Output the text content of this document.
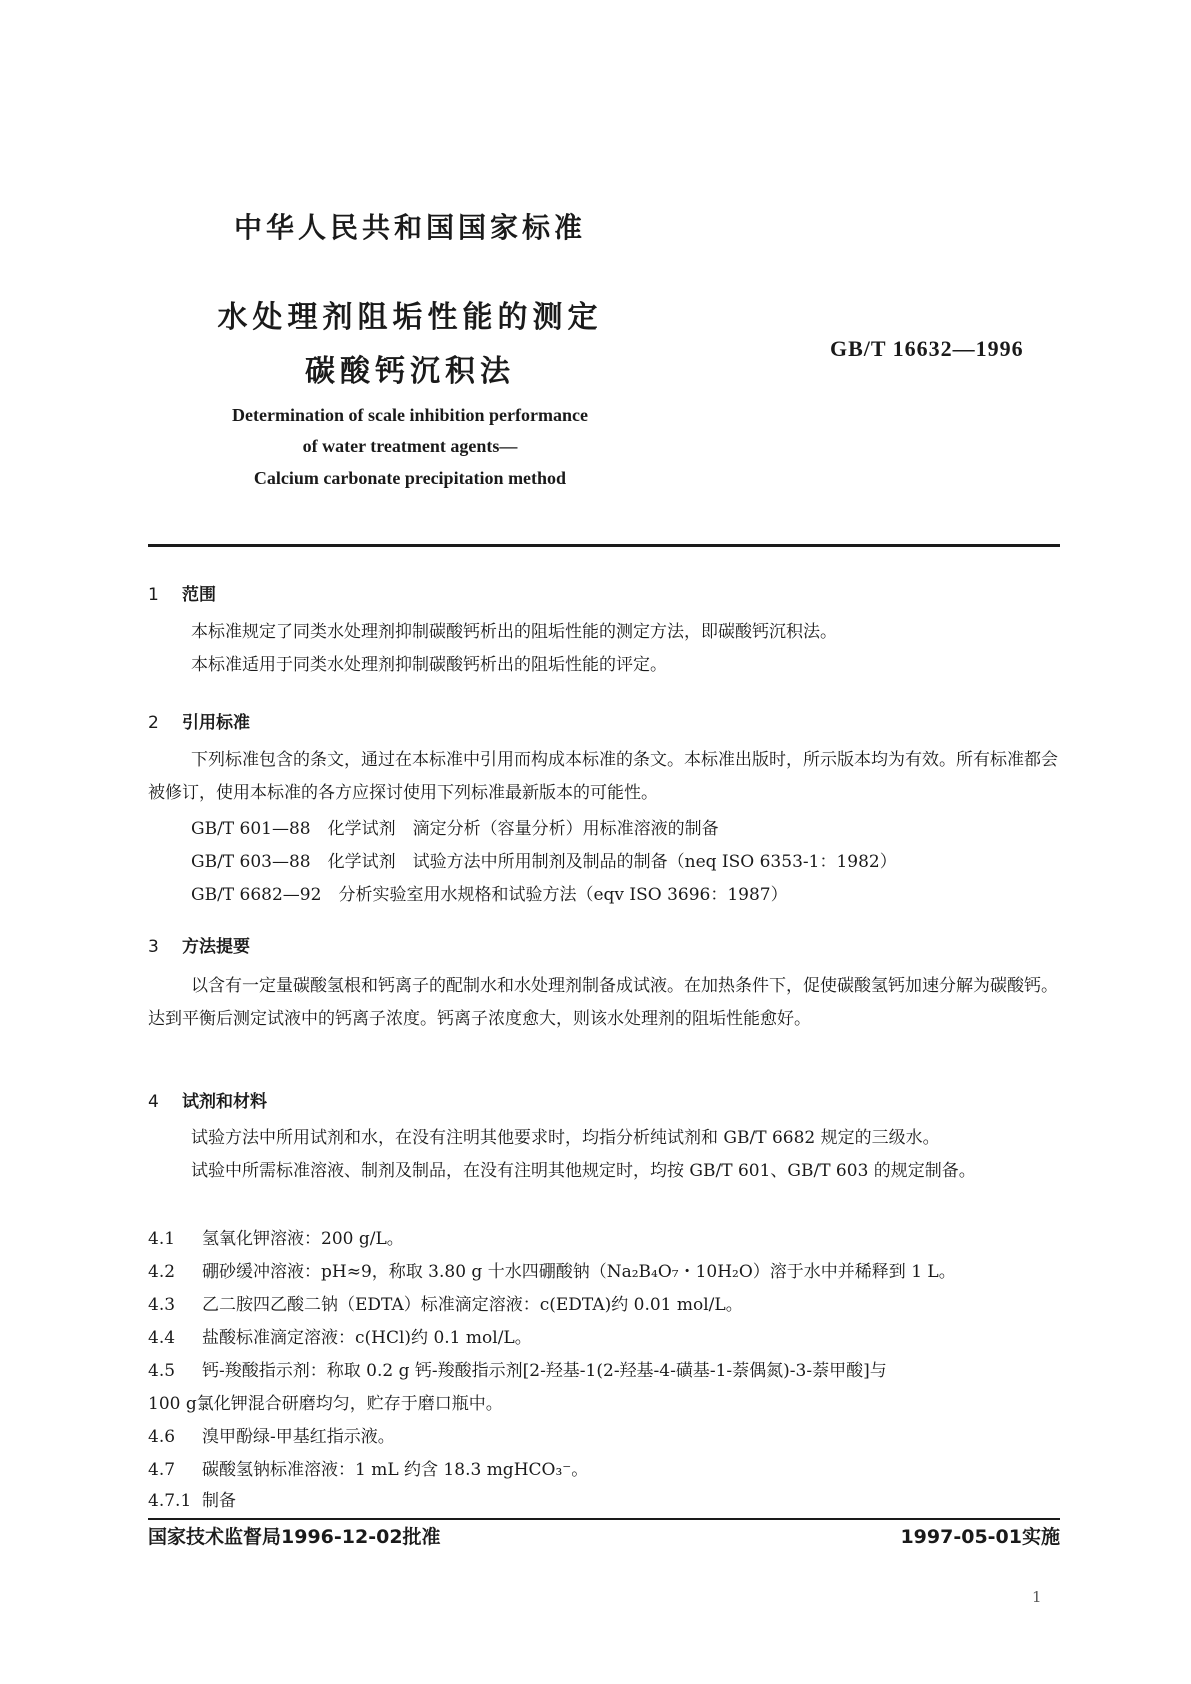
中华人民共和国国家标准
水处理剂阻垢性能的测定
碳酸钙沉积法
GB/T 16632—1996
Determination of scale inhibition performance
of water treatment agents—
Calcium carbonate precipitation method
1 范围
本标准规定了同类水处理剂抑制碳酸钙析出的阻垢性能的测定方法，即碳酸钙沉积法。
本标准适用于同类水处理剂抑制碳酸钙析出的阻垢性能的评定。
2 引用标准
下列标准包含的条文，通过在本标准中引用而构成本标准的条文。本标准出版时，所示版本均为有效。所有标准都会被修订，使用本标准的各方应探讨使用下列标准最新版本的可能性。
GB/T 601—88　化学试剂　滴定分析（容量分析）用标准溶液的制备
GB/T 603—88　化学试剂　试验方法中所用制剂及制品的制备（neq ISO 6353-1：1982）
GB/T 6682—92　分析实验室用水规格和试验方法（eqv ISO 3696：1987）
3 方法提要
以含有一定量碳酸氢根和钙离子的配制水和水处理剂制备成试液。在加热条件下，促使碳酸氢钙加速分解为碳酸钙。达到平衡后测定试液中的钙离子浓度。钙离子浓度愈大，则该水处理剂的阻垢性能愈好。
4 试剂和材料
试验方法中所用试剂和水，在没有注明其他要求时，均指分析纯试剂和 GB/T 6682 规定的三级水。
试验中所需标准溶液、制剂及制品，在没有注明其他规定时，均按 GB/T 601、GB/T 603 的规定制备。
4.1 氢氧化钾溶液：200 g/L。
4.2 硼砂缓冲溶液：pH≈9，称取 3.80 g 十水四硼酸钠（Na₂B₄O₇・10H₂O）溶于水中并稀释到 1 L。
4.3 乙二胺四乙酸二钠（EDTA）标准滴定溶液：c(EDTA)约 0.01 mol/L。
4.4 盐酸标准滴定溶液：c(HCl)约 0.1 mol/L。
4.5 钙-羧酸指示剂：称取 0.2 g 钙-羧酸指示剂[2-羟基-1(2-羟基-4-磺基-1-萘偶氮)-3-萘甲酸]与
100 g氯化钾混合研磨均匀，贮存于磨口瓶中。
4.6 溴甲酚绿-甲基红指示液。
4.7 碳酸氢钠标准溶液：1 mL 约含 18.3 mgHCO₃⁻。
4.7.1 制备
国家技术监督局1996-12-02批准	1997-05-01实施
1
